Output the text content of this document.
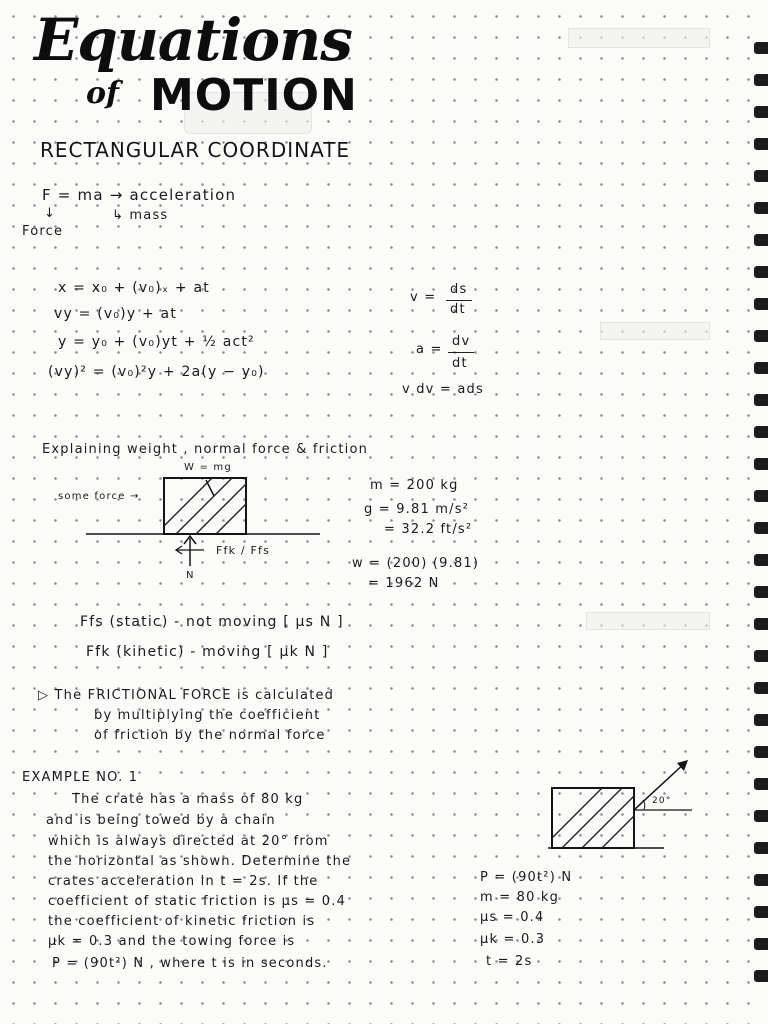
Equations
of MOTION
RECTANGULAR COORDINATE
F = ma → acceleration
↓	↳ mass
Force
x = x₀ + (v₀)ₓ + at
vy = (v₀)y + at
y = y₀ + (v₀)yt + ½ act²
(vy)² = (v₀)²y + 2a(y − y₀)
v =
ds
dt
a =
dv
dt
v dv = ads
Explaining weight , normal force & friction
W = mg
some force →
Ffk / Ffs
N
m = 200 kg
g = 9.81 m/s²
= 32.2 ft/s²
w = (200) (9.81)
= 1962 N
Ffs (static) - not moving [ μs N ]
Ffk (kinetic) - moving [ μk N ]
▷ The FRICTIONAL FORCE is calculated
by multiplying the coefficient
of friction by the normal force
EXAMPLE NO. 1
The crate has a mass of 80 kg
and is being towed by a chain
which is always directed at 20° from
the horizontal as shown. Determine the
crates acceleration in t = 2s. If the
coefficient of static friction is μs = 0.4
the coefficient of kinetic friction is
μk = 0.3 and the towing force is
P = (90t²) N , where t is in seconds.
20°
P = (90t²) N
m = 80 kg
μs = 0.4
μk = 0.3
t = 2s
